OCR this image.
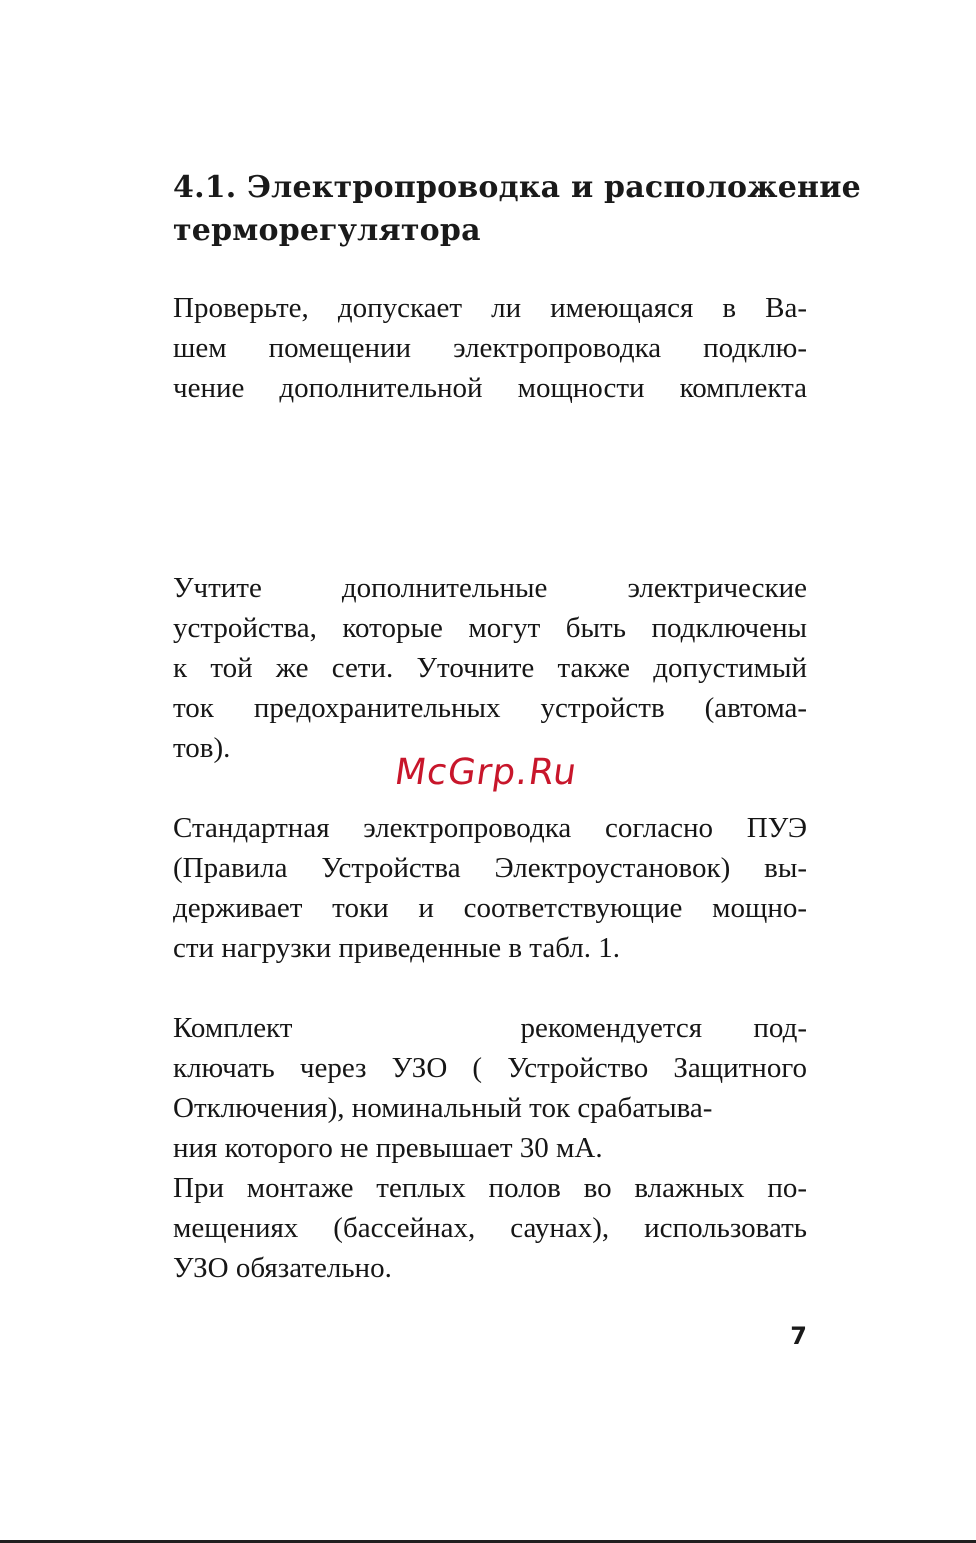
4.1. Электропроводка и расположение
терморегулятора

Проверьте, допускает ли имеющаяся в Ва-
шем помещении электропроводка подклю-
чение дополнительной мощности комплекта

Учтите дополнительные электрические
устройства, которые могут быть подключены
к той же сети. Уточните также допустимый
ток предохранительных устройств (автома-
тов).

McGrp.Ru

Стандартная электропроводка согласно ПУЭ
(Правила Устройства Электроустановок) вы-
держивает токи и соответствующие мощно-
сти нагрузки приведенные в табл. 1.

Комплект	рекомендуется под-
ключать через УЗО ( Устройство Защитного
Отключения), номинальный ток срабатыва-
ния которого не превышает 30 мА.
При монтаже теплых полов во влажных по-
мещениях (бассейнах, саунах), использовать
УЗО обязательно.

7
